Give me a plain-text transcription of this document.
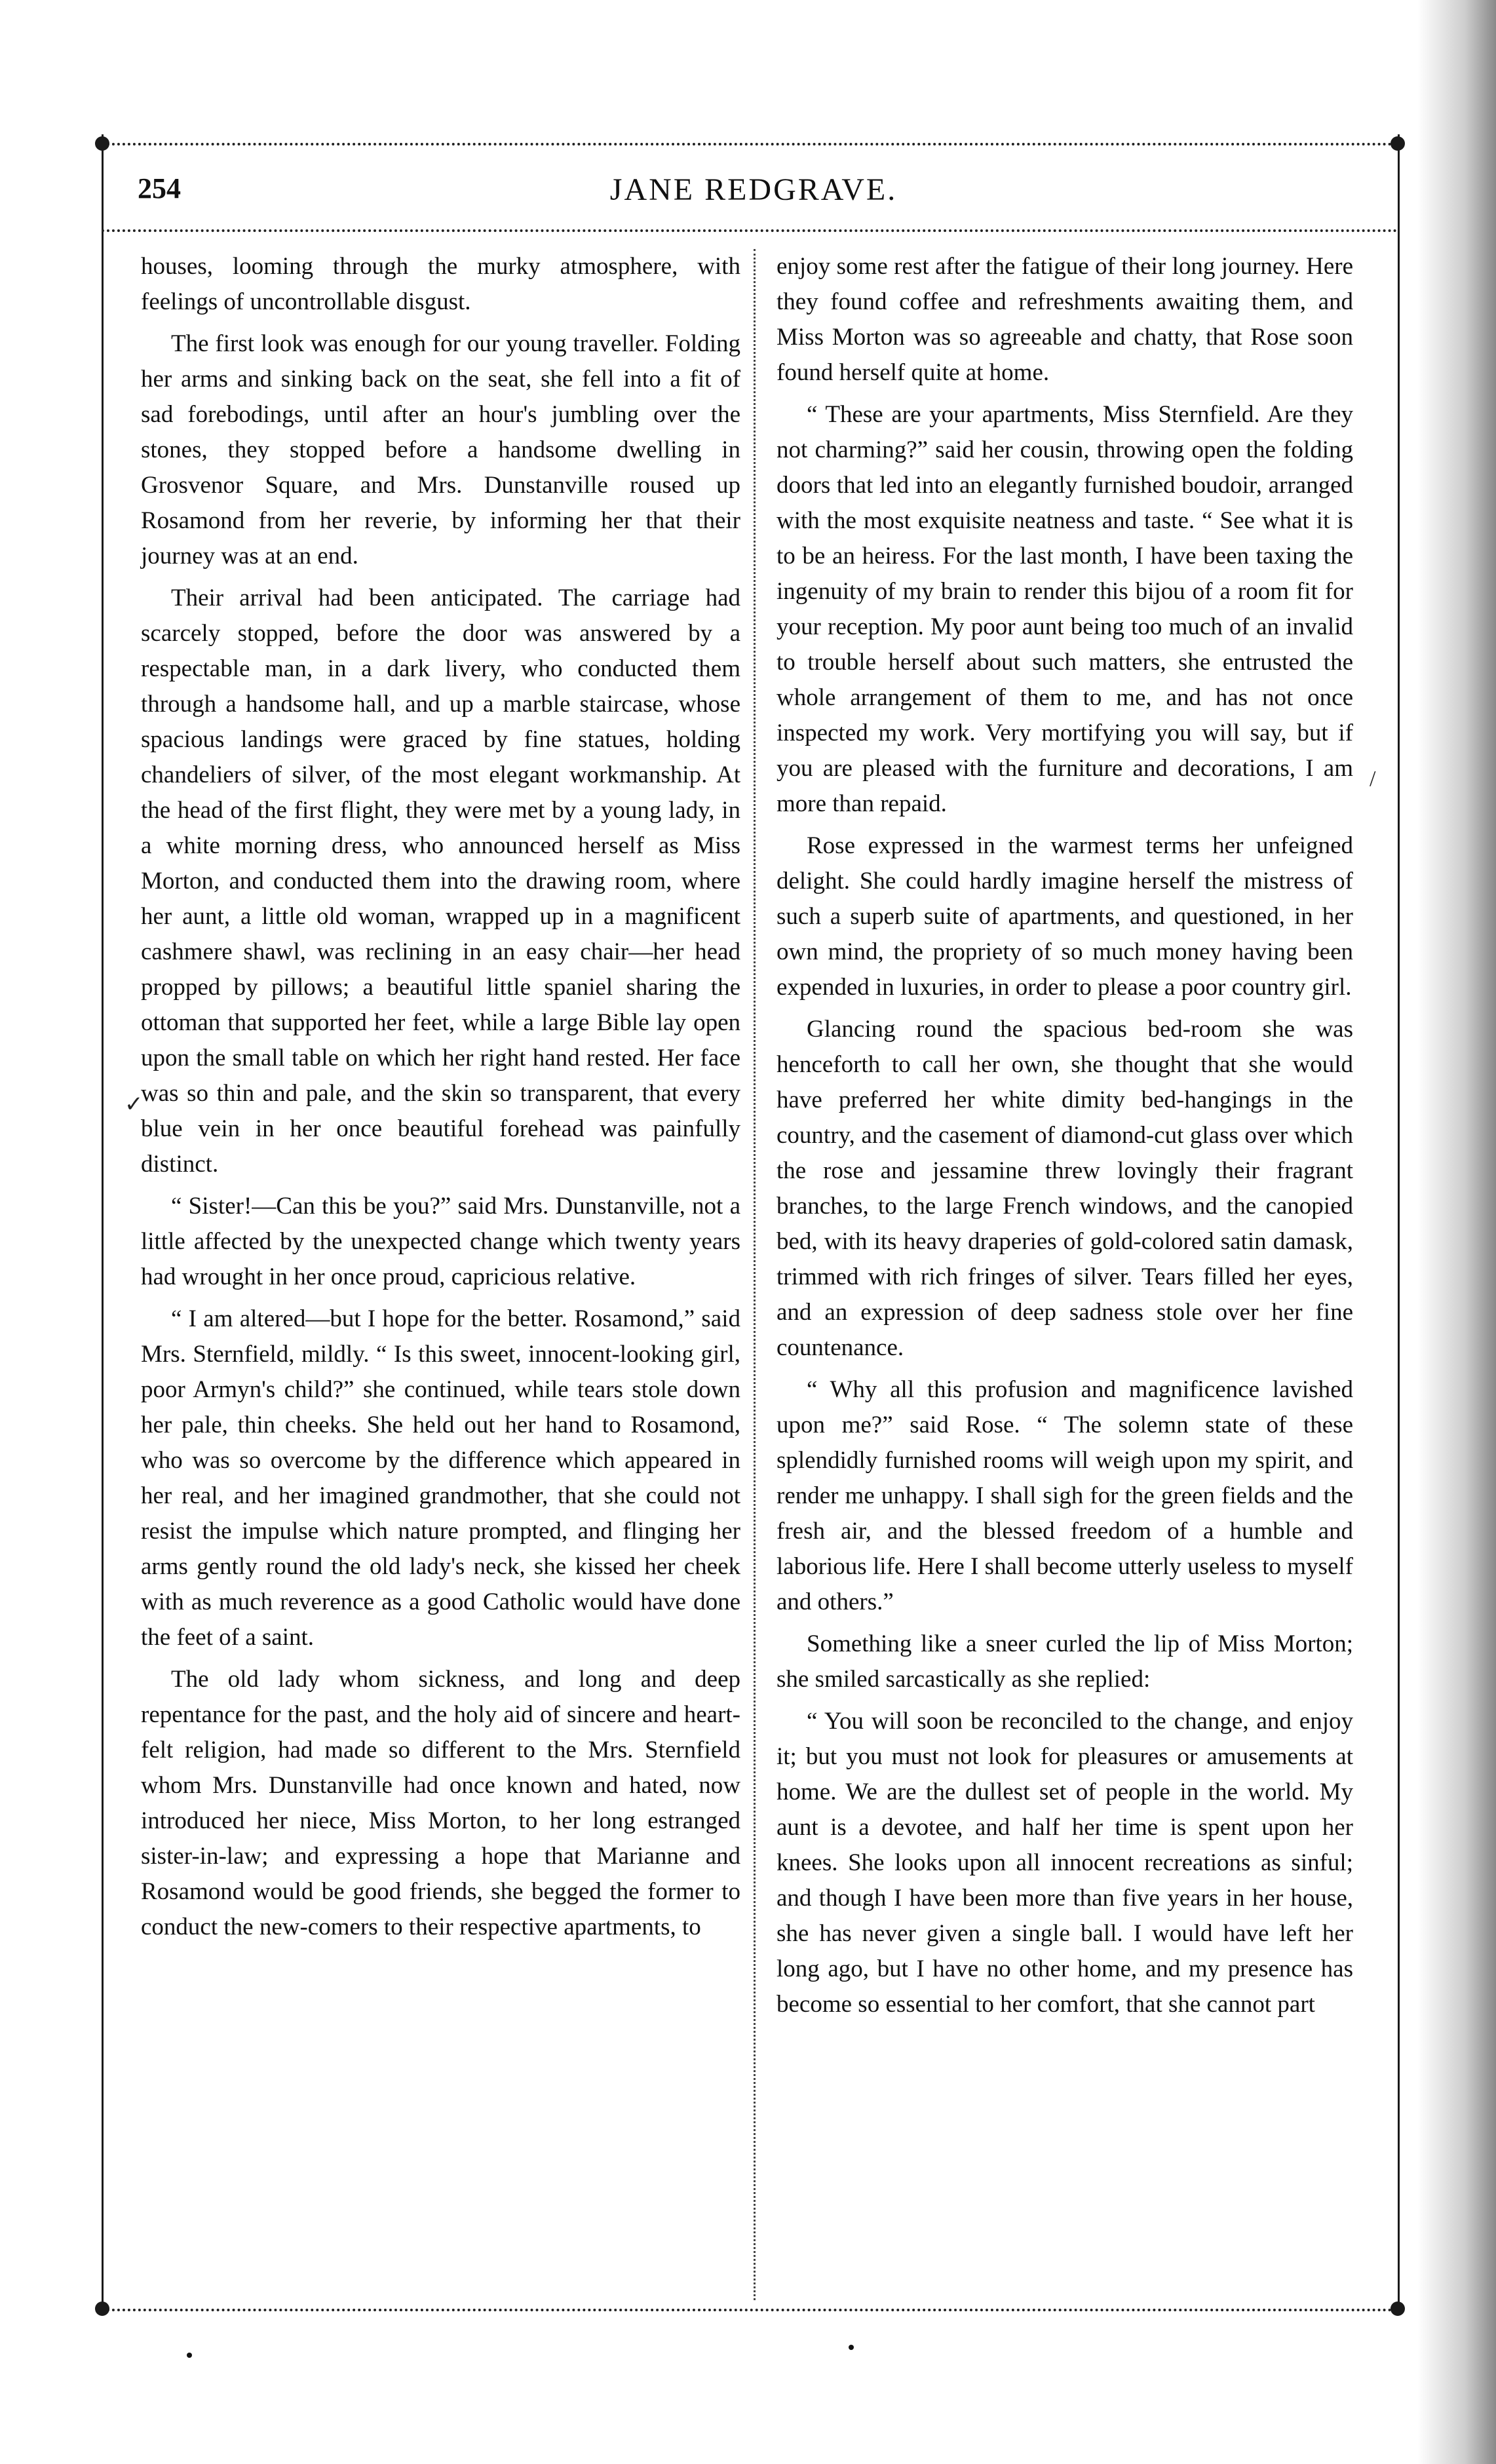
254	JANE REDGRAVE.

houses, looming through the murky atmosphere, with feelings of uncontrollable disgust.

The first look was enough for our young traveller. Folding her arms and sinking back on the seat, she fell into a fit of sad forebodings, until after an hour's jumbling over the stones, they stopped before a handsome dwelling in Grosvenor Square, and Mrs. Dunstanville roused up Rosamond from her reverie, by informing her that their journey was at an end.

Their arrival had been anticipated. The carriage had scarcely stopped, before the door was answered by a respectable man, in a dark livery, who conducted them through a handsome hall, and up a marble staircase, whose spacious landings were graced by fine statues, holding chandeliers of silver, of the most elegant workmanship. At the head of the first flight, they were met by a young lady, in a white morning dress, who announced herself as Miss Morton, and conducted them into the drawing room, where her aunt, a little old woman, wrapped up in a magnificent cashmere shawl, was reclining in an easy chair—her head propped by pillows; a beautiful little spaniel sharing the ottoman that supported her feet, while a large Bible lay open upon the small table on which her right hand rested. Her face was so thin and pale, and the skin so transparent, that every blue vein in her once beautiful forehead was painfully distinct.

“ Sister!—Can this be you?” said Mrs. Dunstanville, not a little affected by the unexpected change which twenty years had wrought in her once proud, capricious relative.

“ I am altered—but I hope for the better. Rosamond,” said Mrs. Sternfield, mildly. “ Is this sweet, innocent-looking girl, poor Armyn's child?” she continued, while tears stole down her pale, thin cheeks. She held out her hand to Rosamond, who was so overcome by the difference which appeared in her real, and her imagined grandmother, that she could not resist the impulse which nature prompted, and flinging her arms gently round the old lady's neck, she kissed her cheek with as much reverence as a good Catholic would have done the feet of a saint.

The old lady whom sickness, and long and deep repentance for the past, and the holy aid of sincere and heart-felt religion, had made so different to the Mrs. Sternfield whom Mrs. Dunstanville had once known and hated, now introduced her niece, Miss Morton, to her long estranged sister-in-law; and expressing a hope that Marianne and Rosamond would be good friends, she begged the former to conduct the new-comers to their respective apartments, to

enjoy some rest after the fatigue of their long journey. Here they found coffee and refreshments awaiting them, and Miss Morton was so agreeable and chatty, that Rose soon found herself quite at home.

“ These are your apartments, Miss Sternfield. Are they not charming?” said her cousin, throwing open the folding doors that led into an elegantly furnished boudoir, arranged with the most exquisite neatness and taste. “ See what it is to be an heiress. For the last month, I have been taxing the ingenuity of my brain to render this bijou of a room fit for your reception. My poor aunt being too much of an invalid to trouble herself about such matters, she entrusted the whole arrangement of them to me, and has not once inspected my work. Very mortifying you will say, but if you are pleased with the furniture and decorations, I am more than repaid.

Rose expressed in the warmest terms her unfeigned delight. She could hardly imagine herself the mistress of such a superb suite of apartments, and questioned, in her own mind, the propriety of so much money having been expended in luxuries, in order to please a poor country girl.

Glancing round the spacious bed-room she was henceforth to call her own, she thought that she would have preferred her white dimity bed-hangings in the country, and the casement of diamond-cut glass over which the rose and jessamine threw lovingly their fragrant branches, to the large French windows, and the canopied bed, with its heavy draperies of gold-colored satin damask, trimmed with rich fringes of silver. Tears filled her eyes, and an expression of deep sadness stole over her fine countenance.

“ Why all this profusion and magnificence lavished upon me?” said Rose. “ The solemn state of these splendidly furnished rooms will weigh upon my spirit, and render me unhappy. I shall sigh for the green fields and the fresh air, and the blessed freedom of a humble and laborious life. Here I shall become utterly useless to myself and others.”

Something like a sneer curled the lip of Miss Morton; she smiled sarcastically as she replied:

“ You will soon be reconciled to the change, and enjoy it; but you must not look for pleasures or amusements at home. We are the dullest set of people in the world. My aunt is a devotee, and half her time is spent upon her knees. She looks upon all innocent recreations as sinful; and though I have been more than five years in her house, she has never given a single ball. I would have left her long ago, but I have no other home, and my presence has become so essential to her comfort, that she cannot part

✓
/
